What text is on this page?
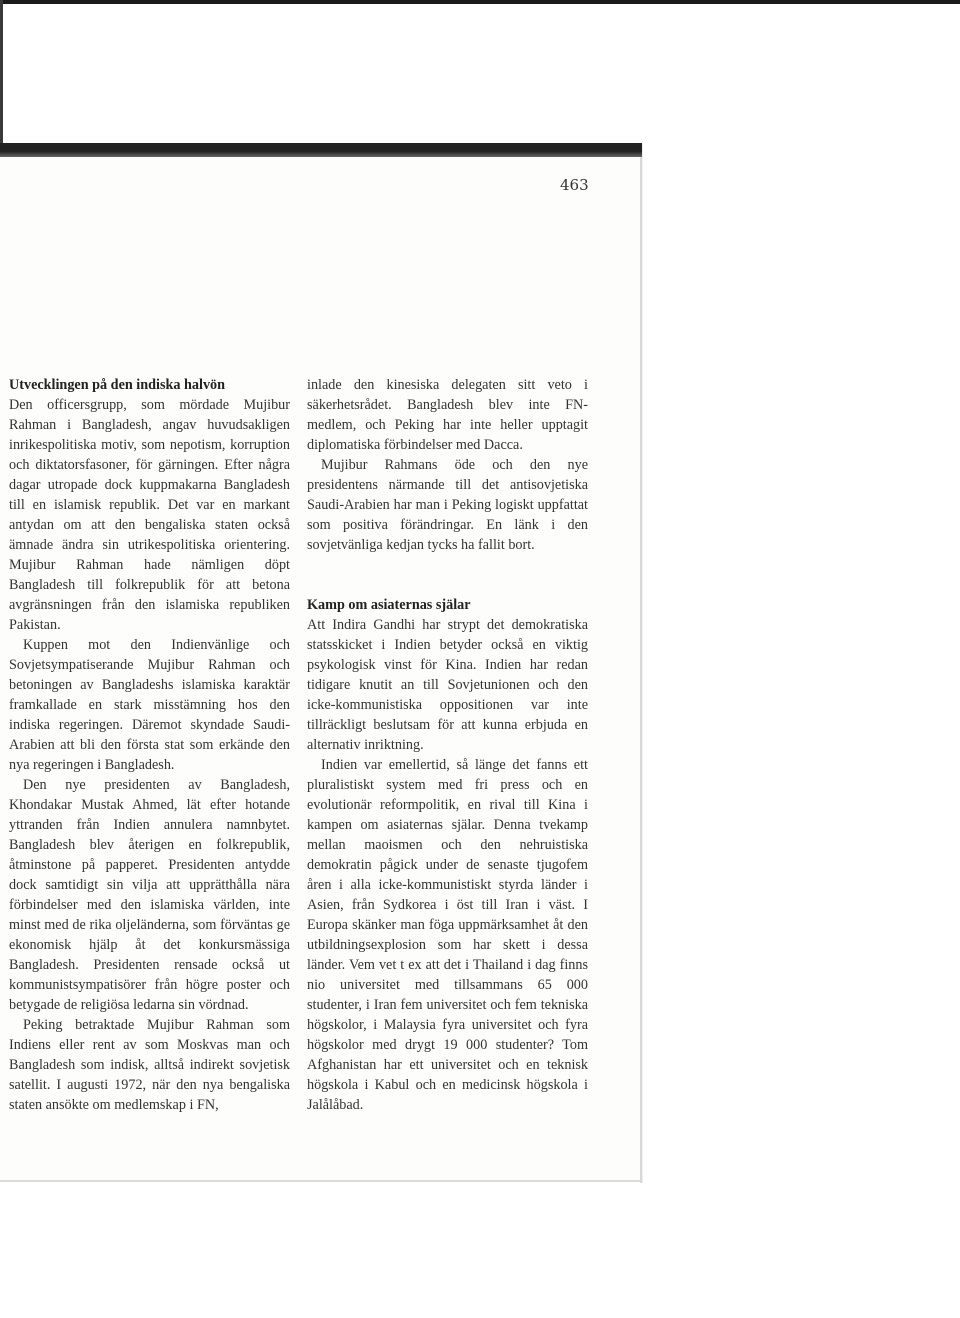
463
Utvecklingen på den indiska halvön

Den officersgrupp, som mördade Mujibur Rahman i Bangladesh, angav huvudsakligen inrikespolitiska motiv, som nepotism, korruption och diktatorsfasoner, för gärningen. Efter några dagar utropade dock kuppmakarna Bangladesh till en islamisk republik. Det var en markant antydan om att den bengaliska staten också ämnade ändra sin utrikespolitiska orientering. Mujibur Rahman hade nämligen döpt Bangladesh till folkrepublik för att betona avgränsningen från den islamiska republiken Pakistan.

Kuppen mot den Indienvänlige och Sovjetsympatiserande Mujibur Rahman och betoningen av Bangladeshs islamiska karaktär framkallade en stark misstämning hos den indiska regeringen. Däremot skyndade Saudi-Arabien att bli den första stat som erkände den nya regeringen i Bangladesh.

Den nye presidenten av Bangladesh, Khondakar Mustak Ahmed, lät efter hotande yttranden från Indien annulera namnbytet. Bangladesh blev återigen en folkrepublik, åtminstone på papperet. Presidenten antydde dock samtidigt sin vilja att upprätthålla nära förbindelser med den islamiska världen, inte minst med de rika oljeländerna, som förväntas ge ekonomisk hjälp åt det konkursmässiga Bangladesh. Presidenten rensade också ut kommunistsympatisörer från högre poster och betygade de religiösa ledarna sin vördnad.

Peking betraktade Mujibur Rahman som Indiens eller rent av som Moskvas man och Bangladesh som indisk, alltså indirekt sovjetisk satellit. I augusti 1972, när den nya bengaliska staten ansökte om medlemskap i FN,

inlade den kinesiska delegaten sitt veto i säkerhetsrådet. Bangladesh blev inte FN-medlem, och Peking har inte heller upptagit diplomatiska förbindelser med Dacca.

Mujibur Rahmans öde och den nye presidentens närmande till det antisovjetiska Saudi-Arabien har man i Peking logiskt uppfattat som positiva förändringar. En länk i den sovjetvänliga kedjan tycks ha fallit bort.

Kamp om asiaternas själar

Att Indira Gandhi har strypt det demokratiska statsskicket i Indien betyder också en viktig psykologisk vinst för Kina. Indien har redan tidigare knutit an till Sovjetunionen och den icke-kommunistiska oppositionen var inte tillräckligt beslutsam för att kunna erbjuda en alternativ inriktning.

Indien var emellertid, så länge det fanns ett pluralistiskt system med fri press och en evolutionär reformpolitik, en rival till Kina i kampen om asiaternas själar. Denna tvekamp mellan maoismen och den nehruistiska demokratin pågick under de senaste tjugofem åren i alla icke-kommunistiskt styrda länder i Asien, från Sydkorea i öst till Iran i väst. I Europa skänker man föga uppmärksamhet åt den utbildningsexplosion som har skett i dessa länder. Vem vet t ex att det i Thailand i dag finns nio universitet med tillsammans 65 000 studenter, i Iran fem universitet och fem tekniska högskolor, i Malaysia fyra universitet och fyra högskolor med drygt 19 000 studenter? Tom Afghanistan har ett universitet och en teknisk högskola i Kabul och en medicinsk högskola i Jalålåbad.
